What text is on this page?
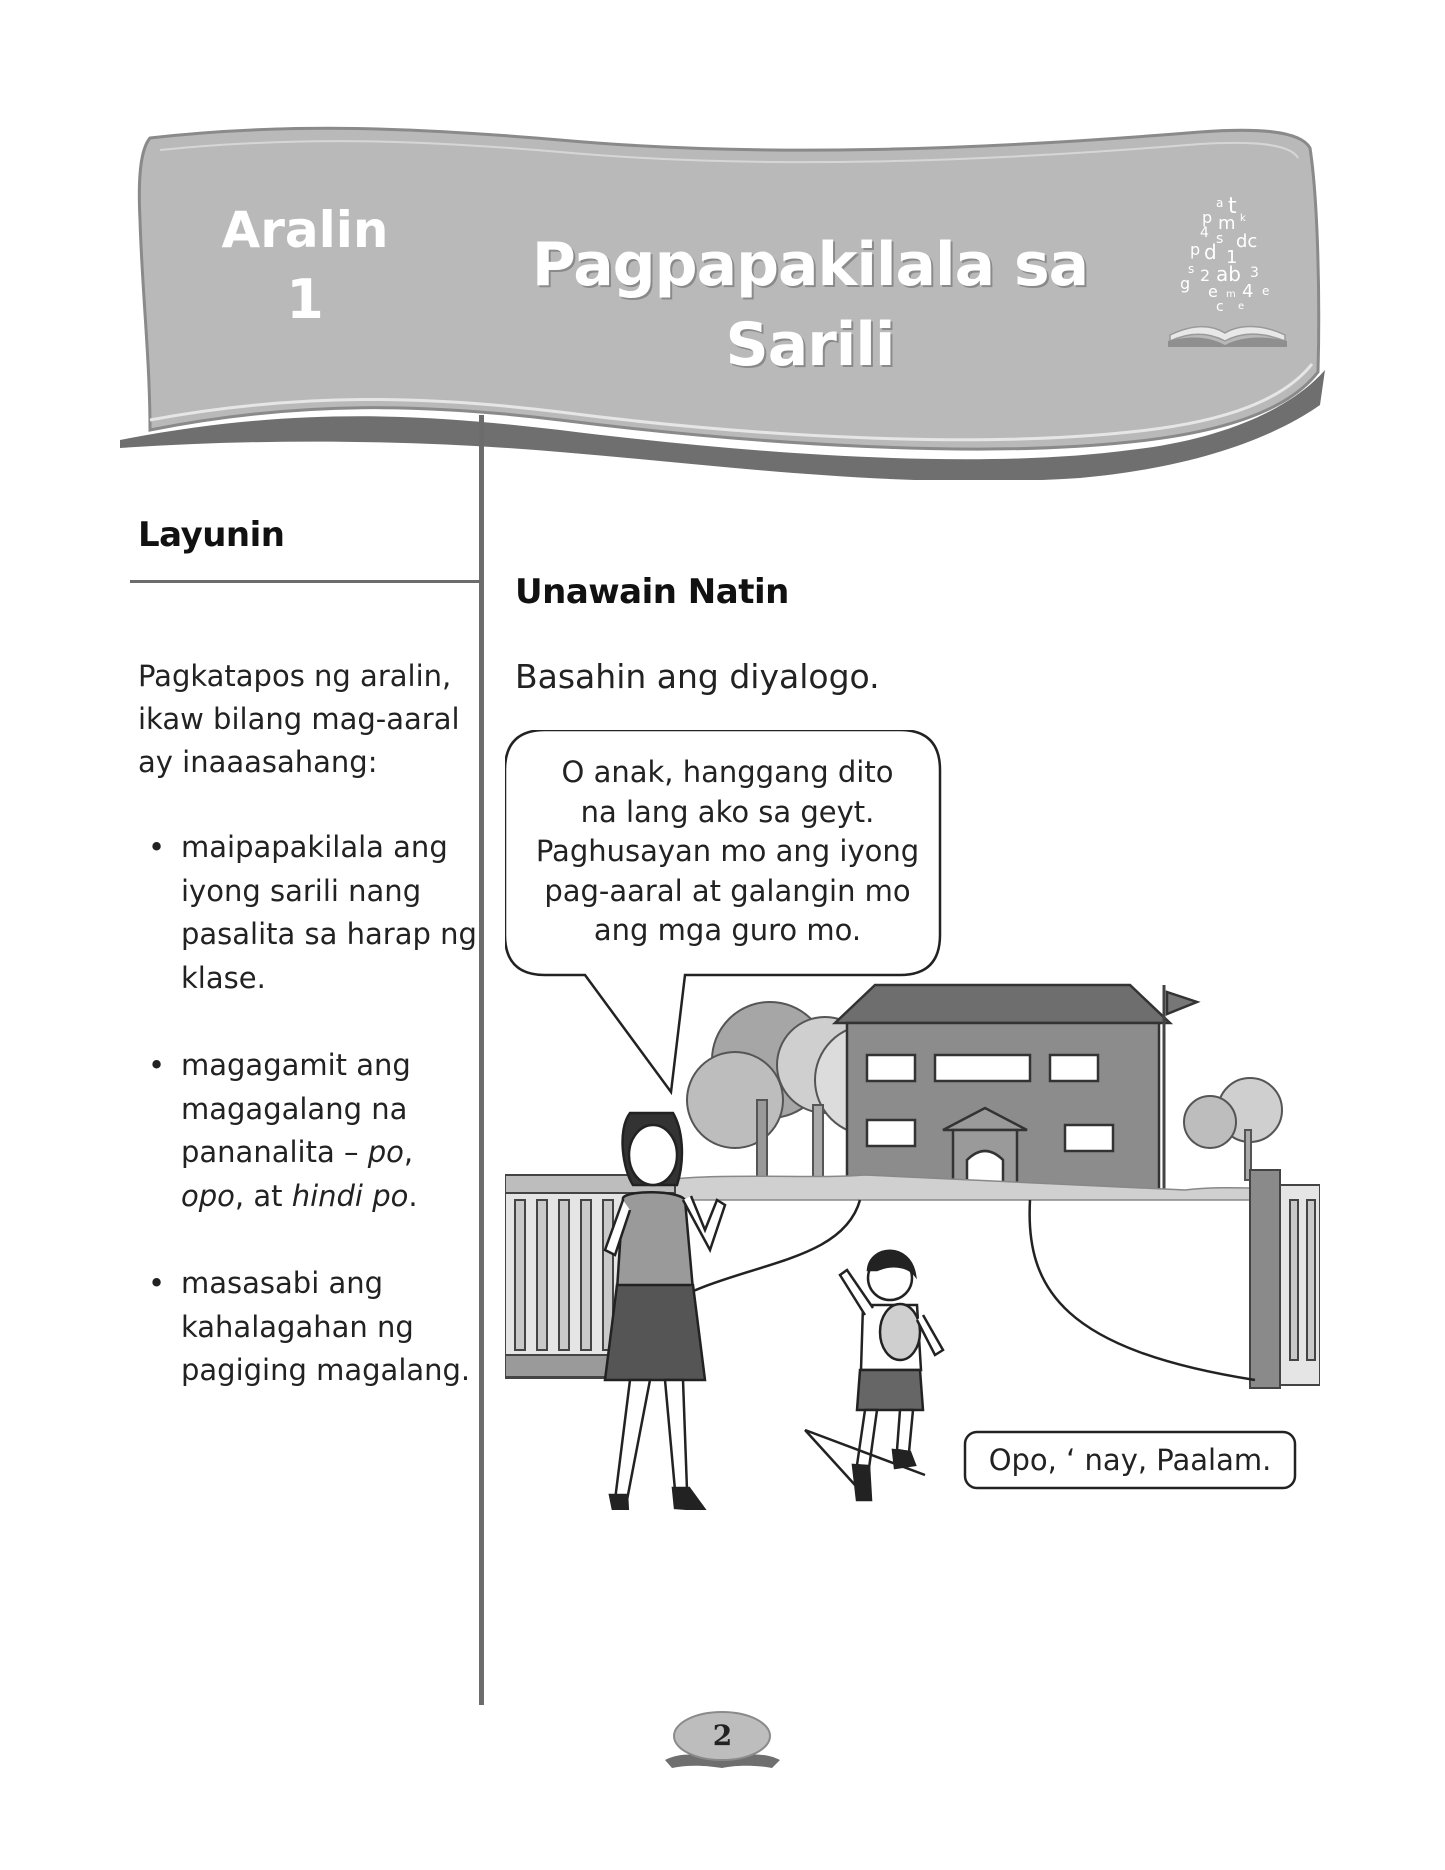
Aralin
1	Pagpapakilala sa Sarili
t
a
p m k
4 s dc
p d 1
s 2 ab 3
g e m 4 e
c e
Layunin

Pagkatapos ng aralin, ikaw bilang mag-aaral ay inaaasahang:

• maipapakilala ang iyong sarili nang pasalita sa harap ng klase.
• magagamit ang magagalang na pananalita – po, opo, at hindi po.
• masasabi ang kahalagahan ng pagiging magalang.
Unawain Natin
Basahin ang diyalogo.
O anak, hanggang dito
na lang ako sa geyt.
Paghusayan mo ang iyong
pag-aaral at galangin mo
ang mga guro mo.
Opo, ‘ nay, Paalam.
2
